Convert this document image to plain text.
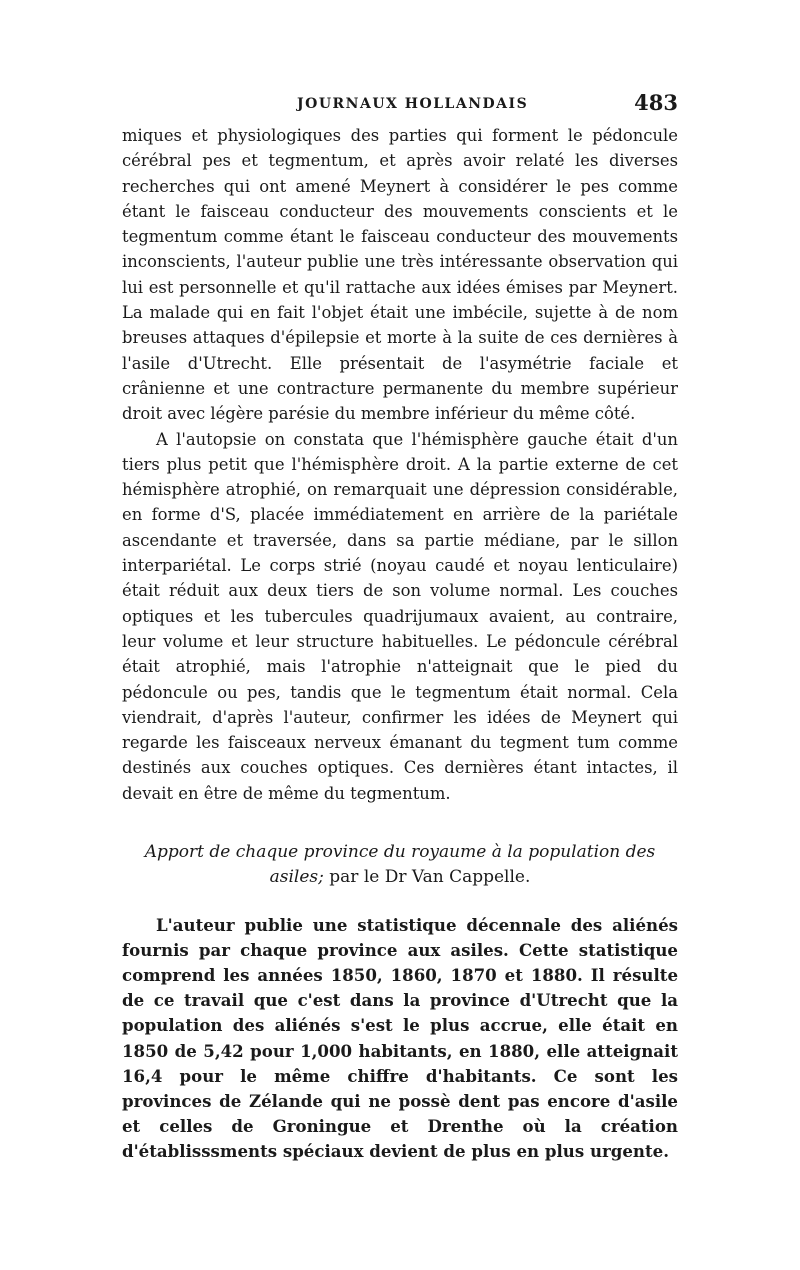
JOURNAUX HOLLANDAIS	483

miques et physiologiques des parties qui forment le pédoncule cérébral pes et tegmentum, et après avoir relaté les diverses recherches qui ont amené Meynert à considérer le pes comme étant le faisceau conducteur des mouvements conscients et le tegmentum comme étant le faisceau conducteur des mouvements inconscients, l'auteur publie une très intéressante observation qui lui est personnelle et qu'il rattache aux idées émises par Meynert. La malade qui en fait l'objet était une imbécile, sujette à de nom breuses attaques d'épilepsie et morte à la suite de ces dernières à l'asile d'Utrecht. Elle présentait de l'asymétrie faciale et crânienne et une contracture permanente du membre supérieur droit avec légère parésie du membre inférieur du même côté.

A l'autopsie on constata que l'hémisphère gauche était d'un tiers plus petit que l'hémisphère droit. A la partie externe de cet hémisphère atrophié, on remarquait une dépression considérable, en forme d'S, placée immédiatement en arrière de la pariétale ascendante et traversée, dans sa partie médiane, par le sillon interpariétal. Le corps strié (noyau caudé et noyau lenticulaire) était réduit aux deux tiers de son volume normal. Les couches optiques et les tubercules quadrijumaux avaient, au contraire, leur volume et leur structure habituelles. Le pédoncule cérébral était atrophié, mais l'atrophie n'atteignait que le pied du pédoncule ou pes, tandis que le tegmentum était normal. Cela viendrait, d'après l'auteur, confirmer les idées de Meynert qui regarde les faisceaux nerveux émanant du tegment tum comme destinés aux couches optiques. Ces dernières étant intactes, il devait en être de même du tegmentum.

Apport de chaque province du royaume à la population des asiles; par le Dr Van Cappelle.

L'auteur publie une statistique décennale des aliénés fournis par chaque province aux asiles. Cette statistique comprend les années 1850, 1860, 1870 et 1880. Il résulte de ce travail que c'est dans la province d'Utrecht que la population des aliénés s'est le plus accrue, elle était en 1850 de 5,42 pour 1,000 habitants, en 1880, elle atteignait 16,4 pour le même chiffre d'habitants. Ce sont les provinces de Zélande qui ne possè dent pas encore d'asile et celles de Groningue et Drenthe où la création d'établisssments spéciaux devient de plus en plus urgente.
